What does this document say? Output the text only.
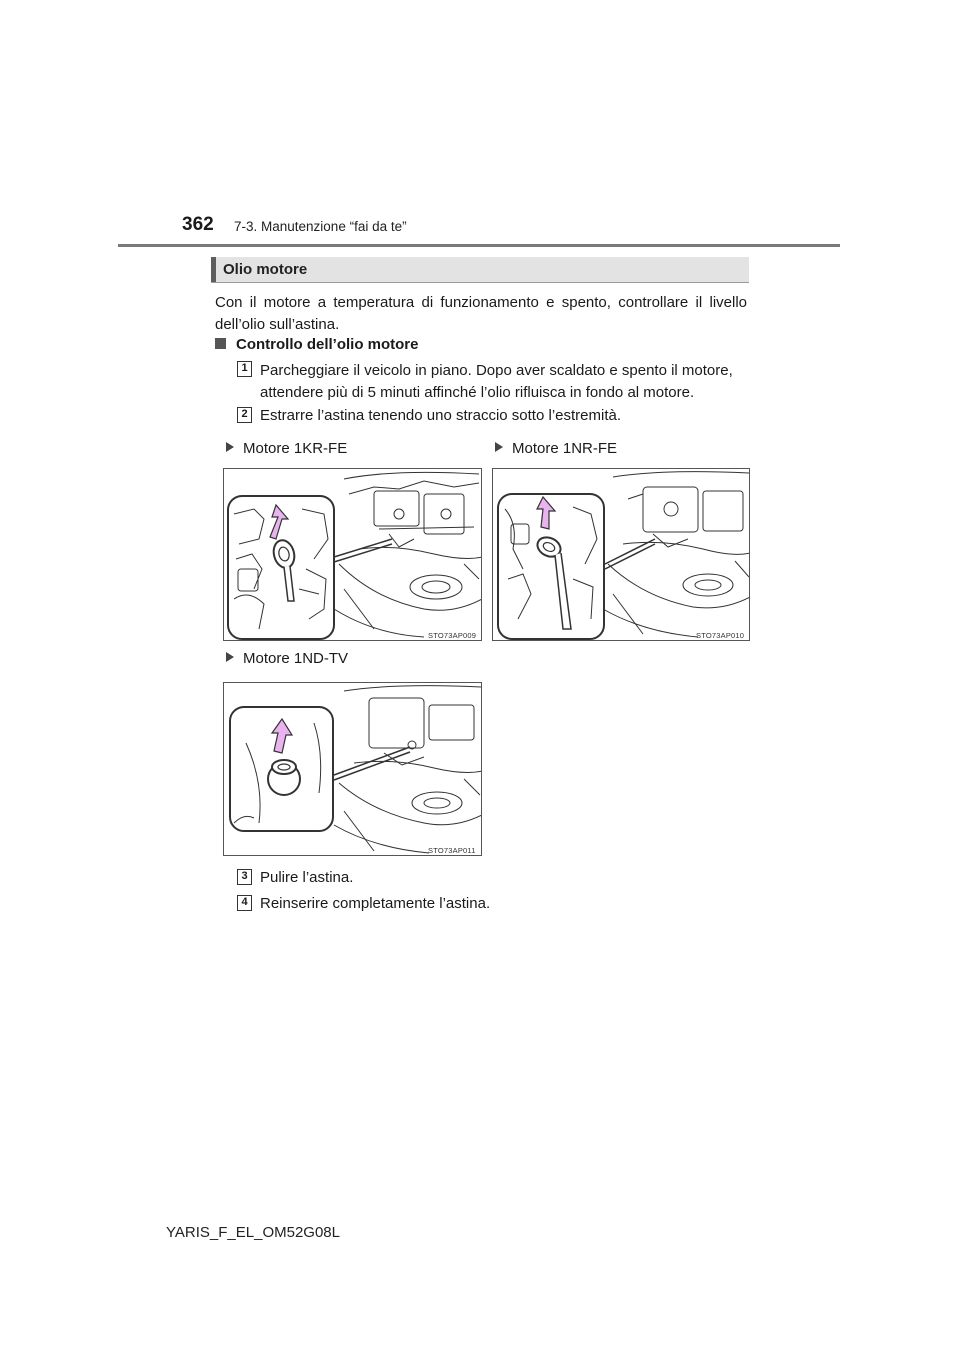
362 7-3. Manutenzione “fai da te”
Olio motore
Con il motore a temperatura di funzionamento e spento, controllare il livello dell’olio sull’astina.
Controllo dell’olio motore
1 Parcheggiare il veicolo in piano. Dopo aver scaldato e spento il motore, attendere più di 5 minuti affinché l’olio rifluisca in fondo al motore.
2 Estrarre l’astina tenendo uno straccio sotto l’estremità.
Motore 1KR-FE	Motore 1NR-FE
STO73AP009	STO73AP010
Motore 1ND-TV
STO73AP011
3 Pulire l’astina.
4 Reinserire completamente l’astina.
YARIS_F_EL_OM52G08L
